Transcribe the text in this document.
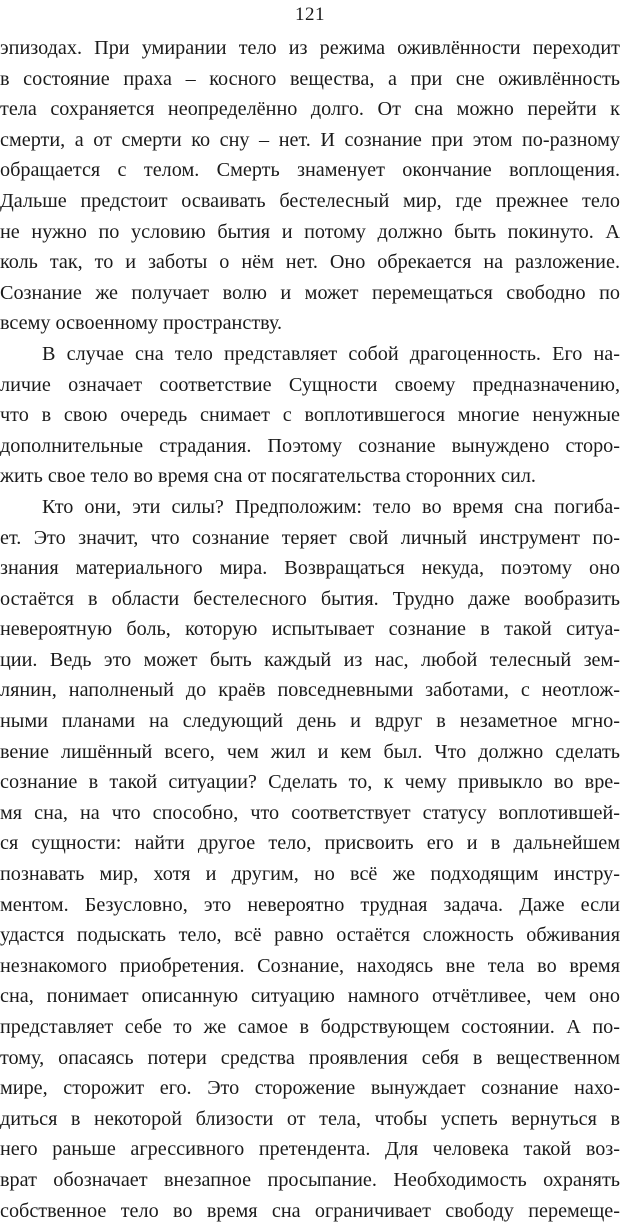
121
эпизодах. При умирании тело из режима оживлённости переходит
в состояние праха – косного вещества, а при сне оживлённость
тела сохраняется неопределённо долго. От сна можно перейти к
смерти, а от смерти ко сну – нет. И сознание при этом по-разному
обращается с телом. Смерть знаменует окончание воплощения.
Дальше предстоит осваивать бестелесный мир, где прежнее тело
не нужно по условию бытия и потому должно быть покинуто. А
коль так, то и заботы о нём нет. Оно обрекается на разложение.
Сознание же получает волю и может перемещаться свободно по
всему освоенному пространству.
В случае сна тело представляет собой драгоценность. Его на-
личие означает соответствие Сущности своему предназначению,
что в свою очередь снимает с воплотившегося многие ненужные
дополнительные страдания. Поэтому сознание вынуждено сторо-
жить свое тело во время сна от посягательства сторонних сил.
Кто они, эти силы? Предположим: тело во время сна погиба-
ет. Это значит, что сознание теряет свой личный инструмент по-
знания материального мира. Возвращаться некуда, поэтому оно
остаётся в области бестелесного бытия. Трудно даже вообразить
невероятную боль, которую испытывает сознание в такой ситуа-
ции. Ведь это может быть каждый из нас, любой телесный зем-
лянин, наполненый до краёв повседневными заботами, с неотлож-
ными планами на следующий день и вдруг в незаметное мгно-
вение лишённый всего, чем жил и кем был. Что должно сделать
сознание в такой ситуации? Сделать то, к чему привыкло во вре-
мя сна, на что способно, что соответствует статусу воплотившей-
ся сущности: найти другое тело, присвоить его и в дальнейшем
познавать мир, хотя и другим, но всё же подходящим инстру-
ментом. Безусловно, это невероятно трудная задача. Даже если
удастся подыскать тело, всё равно остаётся сложность обживания
незнакомого приобретения. Сознание, находясь вне тела во время
сна, понимает описанную ситуацию намного отчётливее, чем оно
представляет себе то же самое в бодрствующем состоянии. А по-
тому, опасаясь потери средства проявления себя в вещественном
мире, сторожит его. Это сторожение вынуждает сознание нахо-
диться в некоторой близости от тела, чтобы успеть вернуться в
него раньше агрессивного претендента. Для человека такой воз-
врат обозначает внезапное просыпание. Необходимость охранять
собственное тело во время сна ограничивает свободу перемеще-
